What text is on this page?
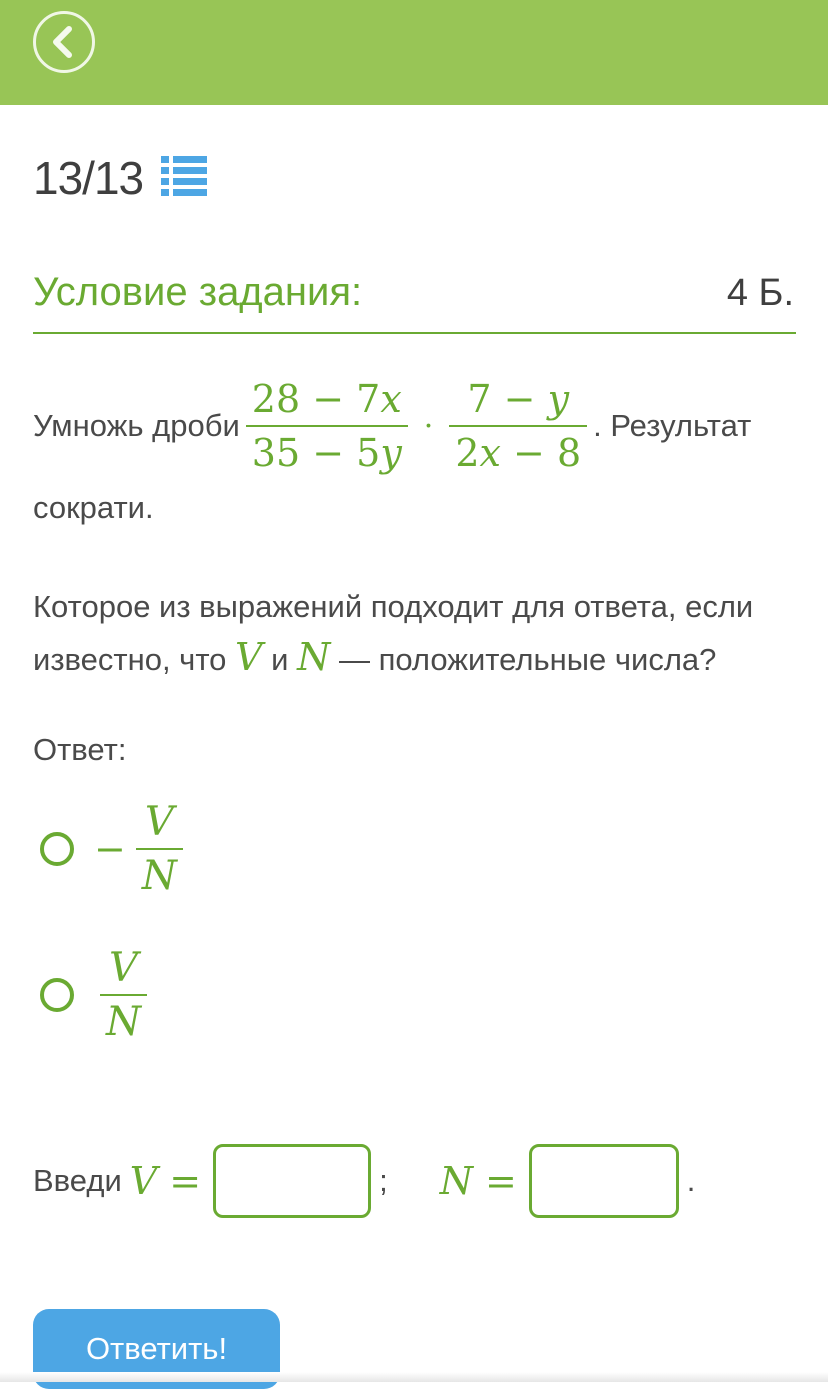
13/13
Условие задания:	4 Б.
Умножь дроби $\frac{28 - 7x}{35 - 5y} \cdot \frac{7 - y}{2x - 8}$ . Результат
сократи.
Которое из выражений подходит для ответа, если известно, что V и N — положительные числа?
Ответ:
− $\frac{V}{N}$
$\frac{V}{N}$
Введи V =	; N =	.
Ответить!
